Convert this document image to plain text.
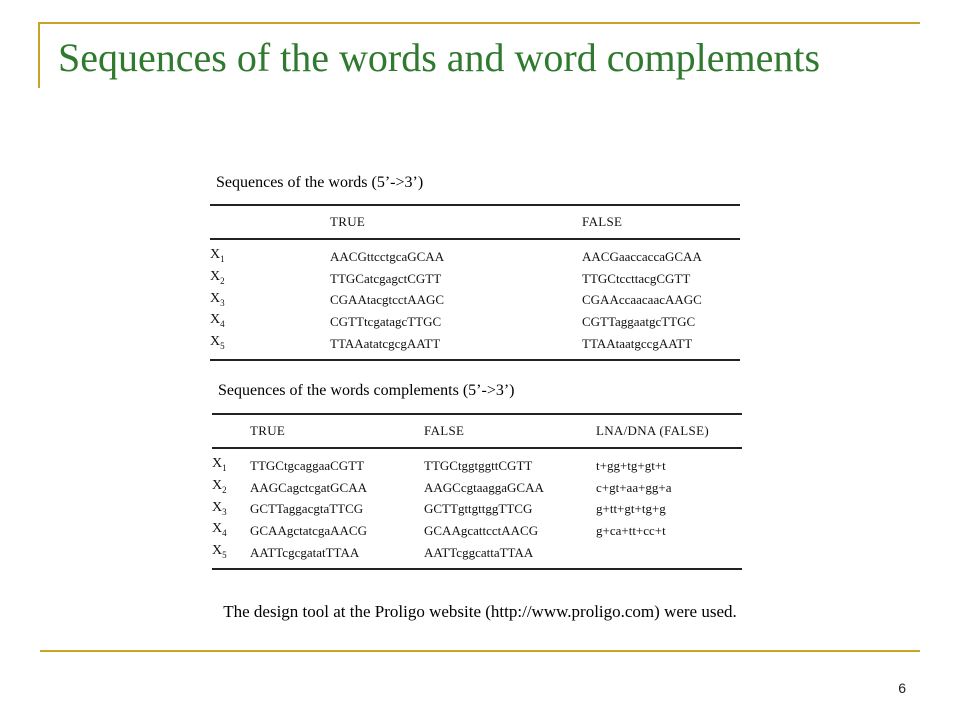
Sequences of the words and word complements
Sequences of the words (5’->3’)
	TRUE	FALSE
$X_1$	AACGttcctgcaGCAA	AACGaaccaccaGCAA
$X_2$	TTGCatcgagctCGTT	TTGCtccttacgCGTT
$X_3$	CGAAtacgtcctAAGC	CGAAccaacaacAAGC
$X_4$	CGTTtcgatagcTTGC	CGTTaggaatgcTTGC
$X_5$	TTAAatatcgcgAATT	TTAAtaatgccgAATT
Sequences of the words complements (5’->3’)
	TRUE	FALSE	LNA/DNA (FALSE)
$X_1$	TTGCtgcaggaaCGTT	TTGCtggtggttCGTT	t+gg+tg+gt+t
$X_2$	AAGCagctcgatGCAA	AAGCcgtaaggaGCAA	c+gt+aa+gg+a
$X_3$	GCTTaggacgtaTTCG	GCTTgttgttggTTCG	g+tt+gt+tg+g
$X_4$	GCAAgctatcgaAACG	GCAAgcattcctAACG	g+ca+tt+cc+t
$X_5$	AATTcgcgatatTTAA	AATTcggcattaTTAA	
The design tool at the Proligo website (http://www.proligo.com) were used.
6
